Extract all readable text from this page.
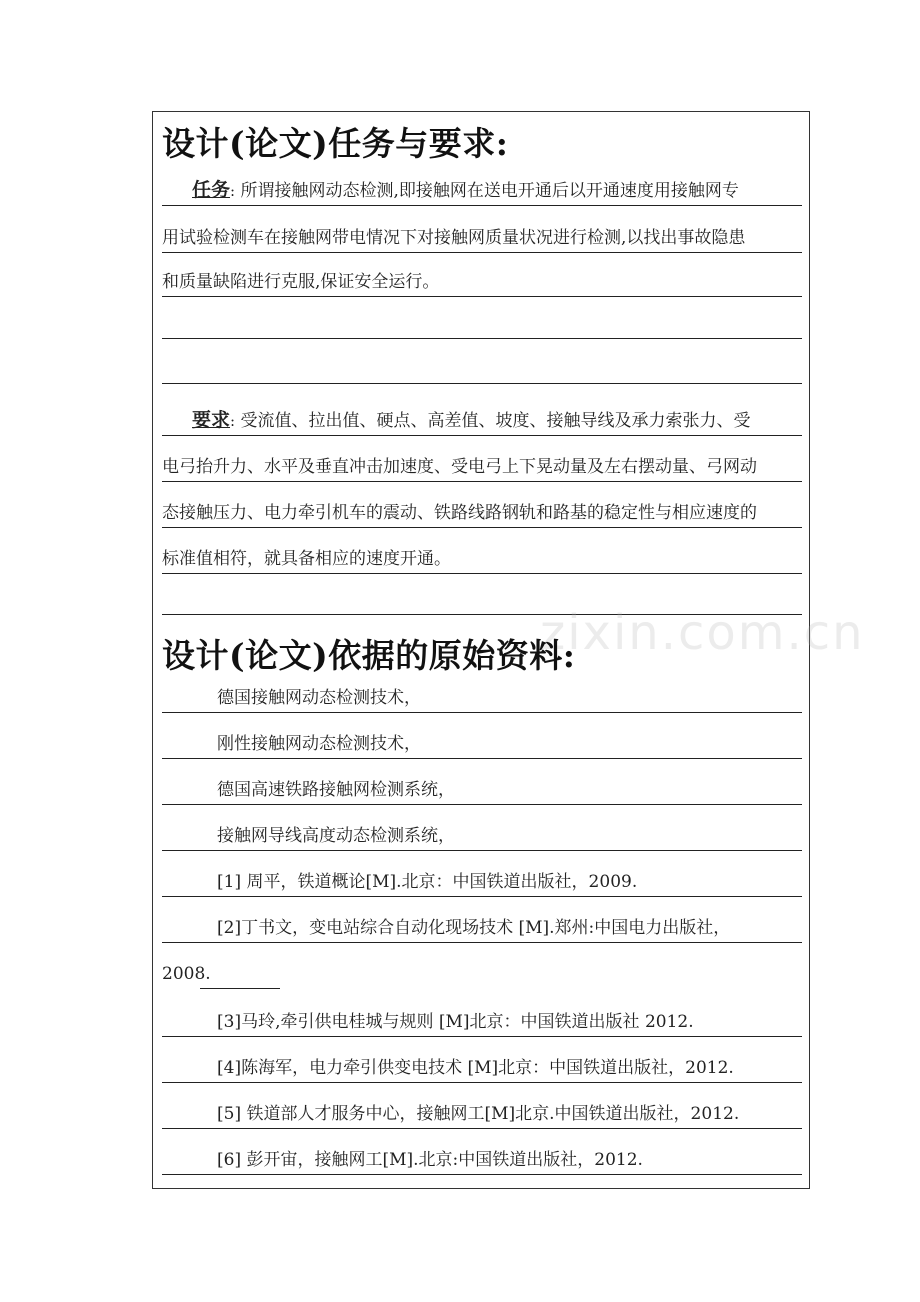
设计(论文)任务与要求:
任务: 所谓接触网动态检测,即接触网在送电开通后以开通速度用接触网专
用试验检测车在接触网带电情况下对接触网质量状况进行检测,以找出事故隐患
和质量缺陷进行克服,保证安全运行。
要求: 受流值、拉出值、硬点、高差值、坡度、接触导线及承力索张力、受
电弓抬升力、水平及垂直冲击加速度、受电弓上下晃动量及左右摆动量、弓网动
态接触压力、电力牵引机车的震动、铁路线路钢轨和路基的稳定性与相应速度的
标准值相符，就具备相应的速度开通。
zixin.com.cn
设计(论文)依据的原始资料:
德国接触网动态检测技术，
刚性接触网动态检测技术，
德国高速铁路接触网检测系统，
接触网导线高度动态检测系统，
[1] 周平，铁道概论[M].北京：中国铁道出版社，2009.
[2]丁书文，变电站综合自动化现场技术 [M].郑州:中国电力出版社，
2008.
[3]马玲,牵引供电桂城与规则 [M]北京：中国铁道出版社 2012.
[4]陈海军，电力牵引供变电技术 [M]北京：中国铁道出版社，2012.
[5] 铁道部人才服务中心，接触网工[M]北京.中国铁道出版社，2012.
[6] 彭开宙，接触网工[M].北京:中国铁道出版社，2012.
